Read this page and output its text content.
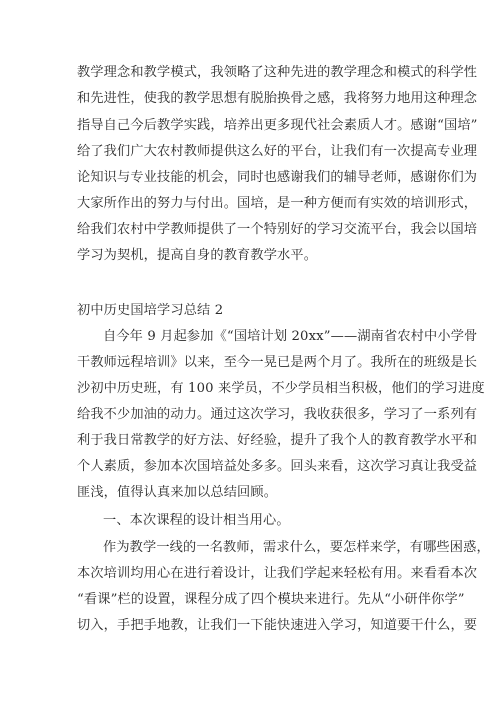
教学理念和教学模式，我领略了这种先进的教学理念和模式的科学性
和先进性，使我的教学思想有脱胎换骨之感，我将努力地用这种理念
指导自己今后教学实践，培养出更多现代社会素质人才。感谢“国培”
给了我们广大农村教师提供这么好的平台，让我们有一次提高专业理
论知识与专业技能的机会，同时也感谢我们的辅导老师，感谢你们为
大家所作出的努力与付出。国培，是一种方便而有实效的培训形式，
给我们农村中学教师提供了一个特别好的学习交流平台，我会以国培
学习为契机，提高自身的教育教学水平。
初中历史国培学习总结 2
自今年 9 月起参加《“国培计划 20xx”——湖南省农村中小学骨
干教师远程培训》以来，至今一晃已是两个月了。我所在的班级是长
沙初中历史班，有 100 来学员，不少学员相当积极，他们的学习进度
给我不少加油的动力。通过这次学习，我收获很多，学习了一系列有
利于我日常教学的好方法、好经验，提升了我个人的教育教学水平和
个人素质，参加本次国培益处多多。回头来看，这次学习真让我受益
匪浅，值得认真来加以总结回顾。
一、本次课程的设计相当用心。
作为教学一线的一名教师，需求什么，要怎样来学，有哪些困惑，
本次培训均用心在进行着设计，让我们学起来轻松有用。来看看本次
“看课”栏的设置，课程分成了四个模块来进行。先从“小研伴你学”
切入，手把手地教，让我们一下能快速进入学习，知道要干什么，要
